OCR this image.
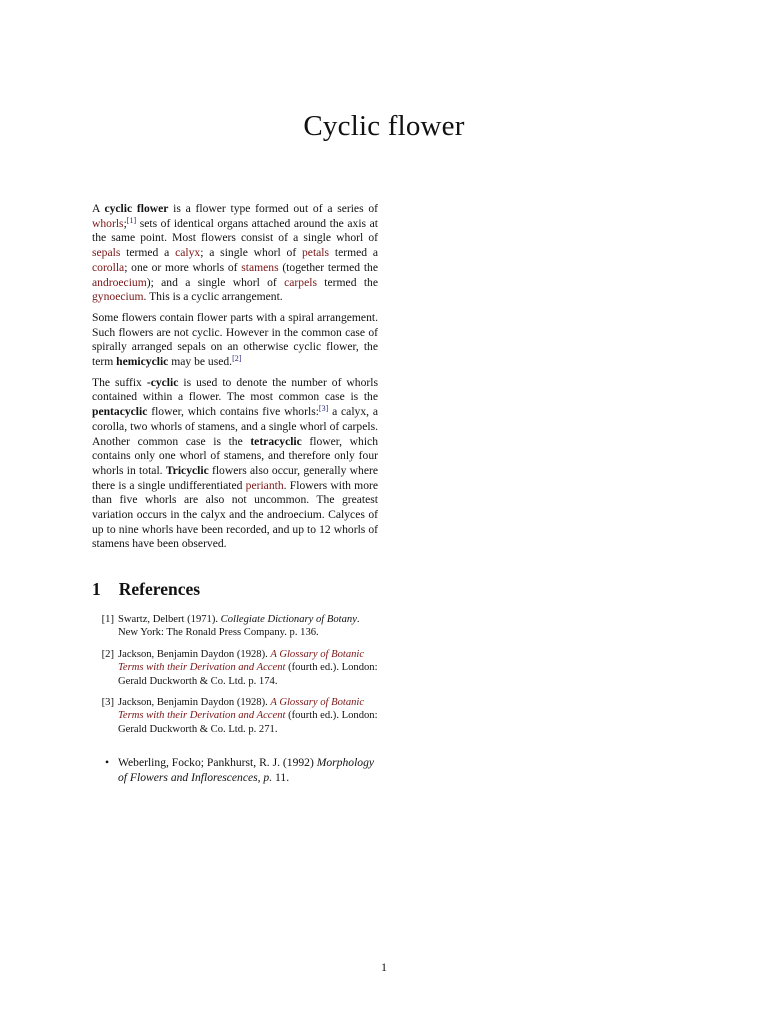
Cyclic flower

A cyclic flower is a flower type formed out of a series of whorls;[1] sets of identical organs attached around the axis at the same point. Most flowers consist of a single whorl of sepals termed a calyx; a single whorl of petals termed a corolla; one or more whorls of stamens (together termed the androecium); and a single whorl of carpels termed the gynoecium. This is a cyclic arrangement.

Some flowers contain flower parts with a spiral arrangement. Such flowers are not cyclic. However in the common case of spirally arranged sepals on an otherwise cyclic flower, the term hemicyclic may be used.[2]

The suffix -cyclic is used to denote the number of whorls contained within a flower. The most common case is the pentacyclic flower, which contains five whorls:[3] a calyx, a corolla, two whorls of stamens, and a single whorl of carpels. Another common case is the tetracyclic flower, which contains only one whorl of stamens, and therefore only four whorls in total. Tricyclic flowers also occur, generally where there is a single undifferentiated perianth. Flowers with more than five whorls are also not uncommon. The greatest variation occurs in the calyx and the androecium. Calyces of up to nine whorls have been recorded, and up to 12 whorls of stamens have been observed.

1 References
[1] Swartz, Delbert (1971). Collegiate Dictionary of Botany. New York: The Ronald Press Company. p. 136.
[2] Jackson, Benjamin Daydon (1928). A Glossary of Botanic Terms with their Derivation and Accent (fourth ed.). London: Gerald Duckworth & Co. Ltd. p. 174.
[3] Jackson, Benjamin Daydon (1928). A Glossary of Botanic Terms with their Derivation and Accent (fourth ed.). London: Gerald Duckworth & Co. Ltd. p. 271.
• Weberling, Focko; Pankhurst, R. J. (1992) Morphology of Flowers and Inflorescences, p. 11.
1
